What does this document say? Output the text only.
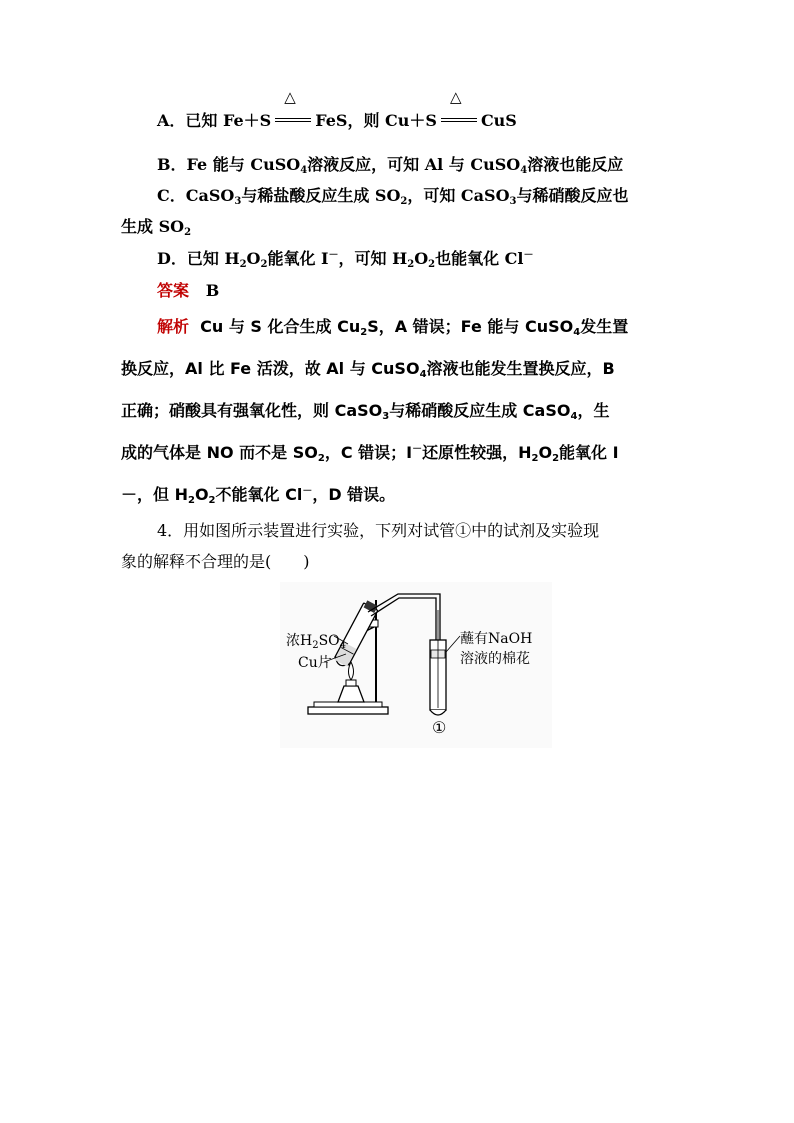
A．已知 Fe＋S
△
FeS，则 Cu＋S
△
CuS
B．Fe 能与 CuSO$_4$溶液反应，可知 Al 与 CuSO$_4$溶液也能反应
C．CaSO$_3$与稀盐酸反应生成 $SO_2$，可知 CaSO$_3$与稀硝酸反应也
生成 $SO_2$
D．已知 $H_2O_2$能氧化 I－，可知 $H_2O_2$也能氧化 Cl－
答案 B
解析 Cu 与 S 化合生成 $Cu_2S$，A 错误；Fe 能与 CuSO$_4$发生置
换反应，Al 比 Fe 活泼，故 Al 与 CuSO$_4$溶液也能发生置换反应，B
正确；硝酸具有强氧化性，则 CaSO$_3$与稀硝酸反应生成 CaSO$_4$，生
成的气体是 NO 而不是 $SO_2$，C 错误；I－还原性较强，$H_2O_2$能氧化 I
－，但 $H_2O_2$不能氧化 Cl－，D 错误。
4．用如图所示装置进行实验，下列对试管①中的试剂及实验现
象的解释不合理的是(　　)
浓$H_2SO_4$
Cu片
蘸有NaOH
溶液的棉花
①
